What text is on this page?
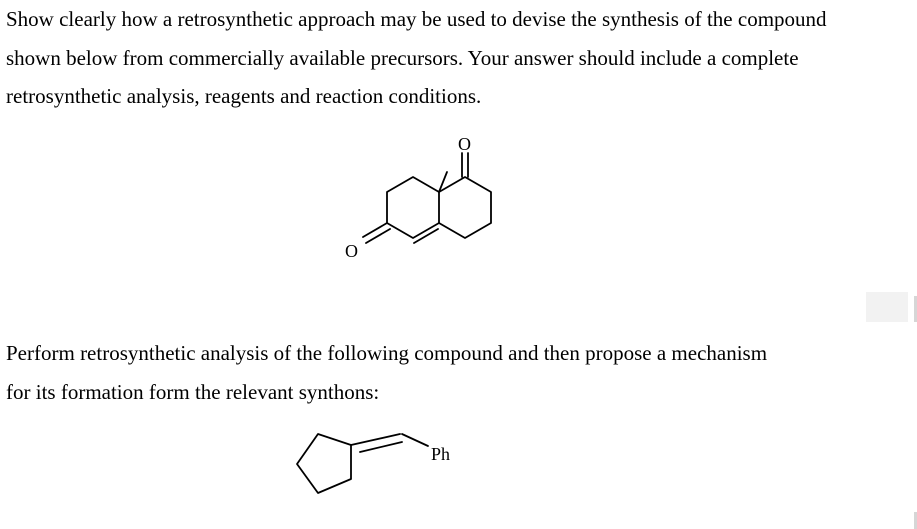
Show clearly how a retrosynthetic approach may be used to devise the synthesis of the compound
shown below from commercially available precursors. Your answer should include a complete
retrosynthetic analysis, reagents and reaction conditions.
O
O
Perform retrosynthetic analysis of the following compound and then propose a mechanism
for its formation form the relevant synthons:
Ph
